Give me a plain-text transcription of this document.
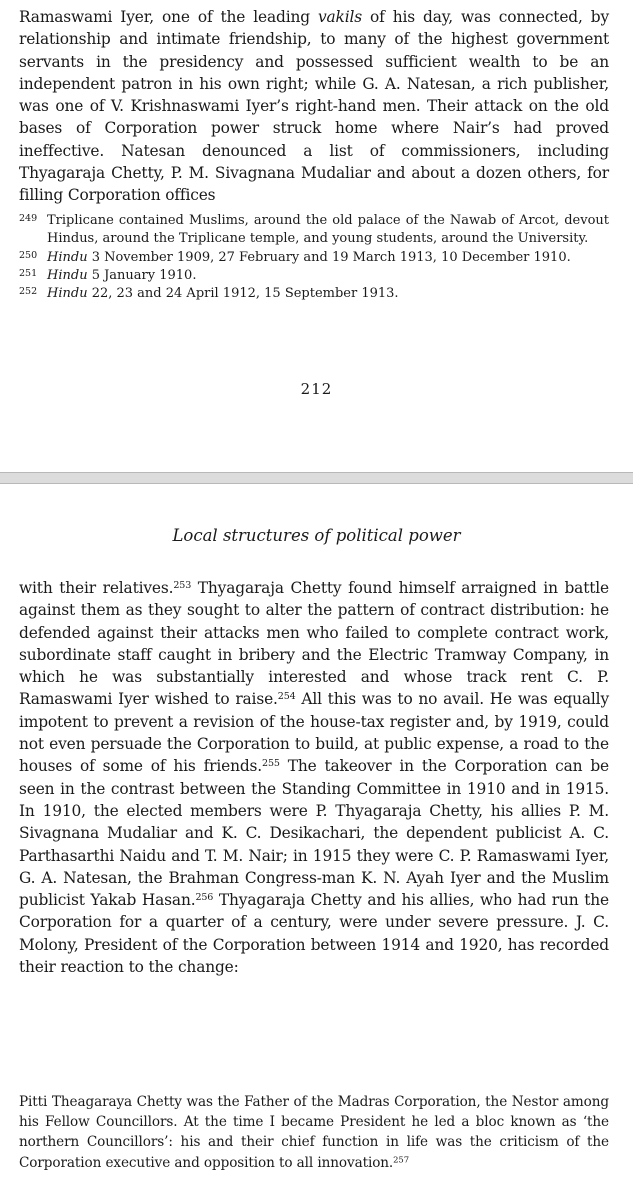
Ramaswami Iyer, one of the leading vakils of his day, was connected, by relationship and intimate friendship, to many of the highest government servants in the presidency and possessed sufficient wealth to be an independent patron in his own right; while G. A. Natesan, a rich publisher, was one of V. Krishnaswami Iyer’s right-hand men. Their attack on the old bases of Corporation power struck home where Nair’s had proved ineffective. Natesan denounced a list of commissioners, including Thyagaraja Chetty, P. M. Sivagnana Mudaliar and about a dozen others, for filling Corporation offices

249 Triplicane contained Muslims, around the old palace of the Nawab of Arcot, devout Hindus, around the Triplicane temple, and young students, around the University.
250 Hindu 3 November 1909, 27 February and 19 March 1913, 10 December 1910.
251 Hindu 5 January 1910.
252 Hindu 22, 23 and 24 April 1912, 15 September 1913.
212
Local structures of political power

with their relatives.$^{253}$ Thyagaraja Chetty found himself arraigned in battle against them as they sought to alter the pattern of contract distribution: he defended against their attacks men who failed to complete contract work, subordinate staff caught in bribery and the Electric Tramway Company, in which he was substantially interested and whose track rent C. P. Ramaswami Iyer wished to raise.$^{254}$ All this was to no avail. He was equally impotent to prevent a revision of the house-tax register and, by 1919, could not even persuade the Corporation to build, at public expense, a road to the houses of some of his friends.$^{255}$ The takeover in the Corporation can be seen in the contrast between the Standing Committee in 1910 and in 1915. In 1910, the elected members were P. Thyagaraja Chetty, his allies P. M. Sivagnana Mudaliar and K. C. Desikachari, the dependent publicist A. C. Parthasarthi Naidu and T. M. Nair; in 1915 they were C. P. Ramaswami Iyer, G. A. Natesan, the Brahman Congress-man K. N. Ayah Iyer and the Muslim publicist Yakab Hasan.$^{256}$ Thyagaraja Chetty and his allies, who had run the Corporation for a quarter of a century, were under severe pressure. J. C. Molony, President of the Corporation between 1914 and 1920, has recorded their reaction to the change:

Pitti Theagaraya Chetty was the Father of the Madras Corporation, the Nestor among his Fellow Councillors. At the time I became President he led a bloc known as ‘the northern Councillors’: his and their chief function in life was the criticism of the Corporation executive and opposition to all innovation.$^{257}$
